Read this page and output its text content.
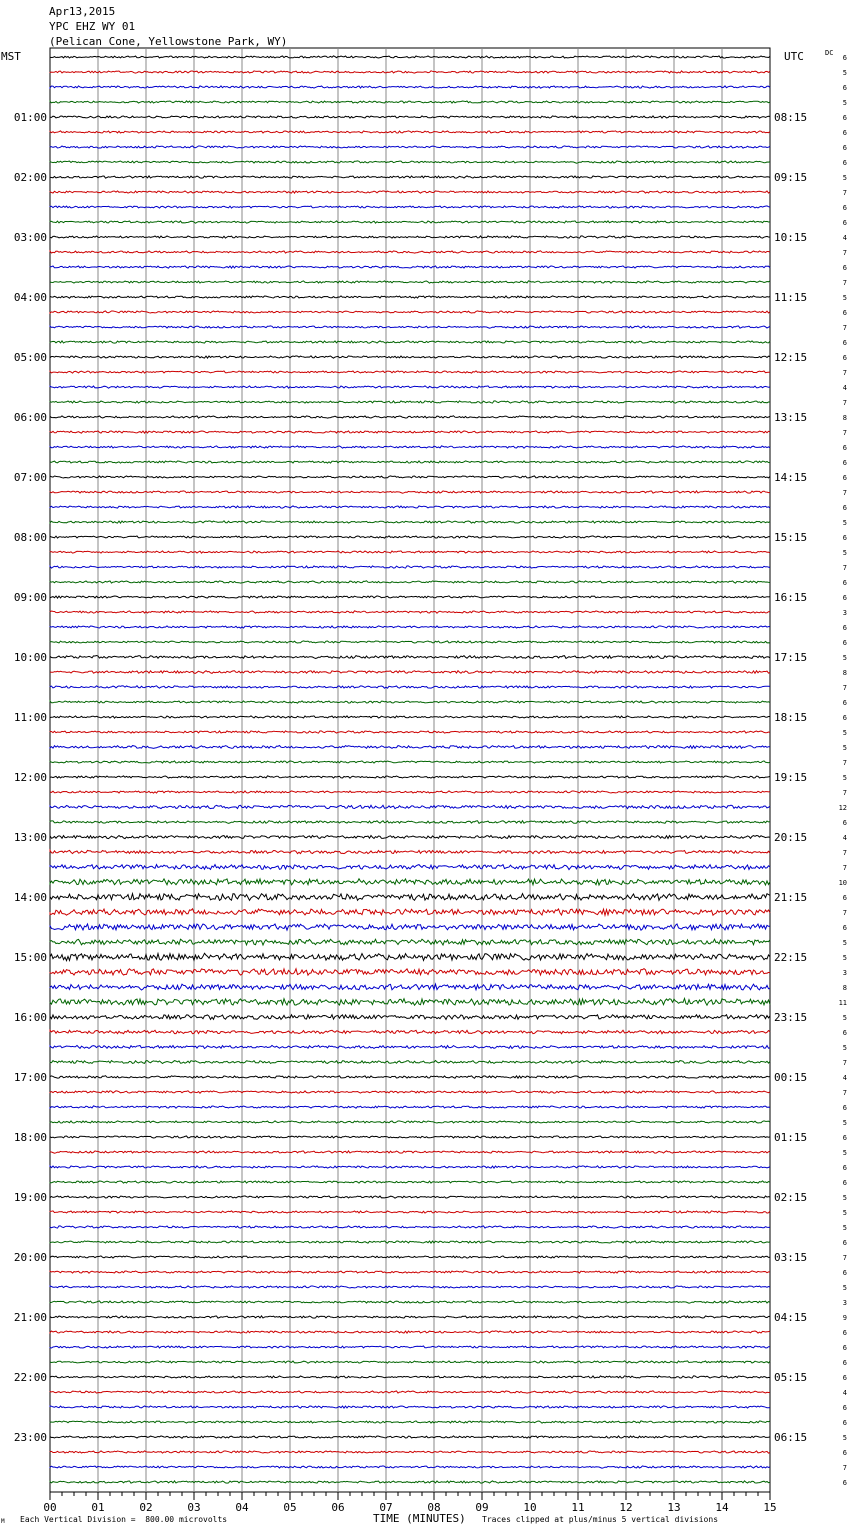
Apr13,2015
YPC EHZ WY 01
(Pelican Cone, Yellowstone Park, WY)
MST	UTC	DC
01:00
02:00
03:00
04:00
05:00
06:00
07:00
08:00
09:00
10:00
11:00
12:00
13:00
14:00
15:00
16:00
17:00
18:00
19:00
20:00
21:00
22:00
23:00
08:15
09:15
10:15
11:15
12:15
13:15
14:15
15:15
16:15
17:15
18:15
19:15
20:15
21:15
22:15
23:15
00:15
01:15
02:15
03:15
04:15
05:15
06:15
6
5
6
5
6
6
6
6
5
7
6
6
4
7
6
7
5
6
7
6
6
7
4
7
8
7
6
6
6
7
6
5
6
5
7
6
6
3
6
6
5
8
7
6
6
5
5
7
5
7
12
6
4
7
7
10
6
7
6
5
5
3
8
11
5
6
5
7
4
7
6
5
6
5
6
6
5
5
5
6
7
6
5
3
9
6
6
6
6
4
6
6
5
6
7
6
00	01	02	03	04	05	06	07	08	09	10	11	12	13	14	15
M Each Vertical Division =  800.00 microvolts	TIME (MINUTES) Traces clipped at plus/minus 5 vertical divisions
